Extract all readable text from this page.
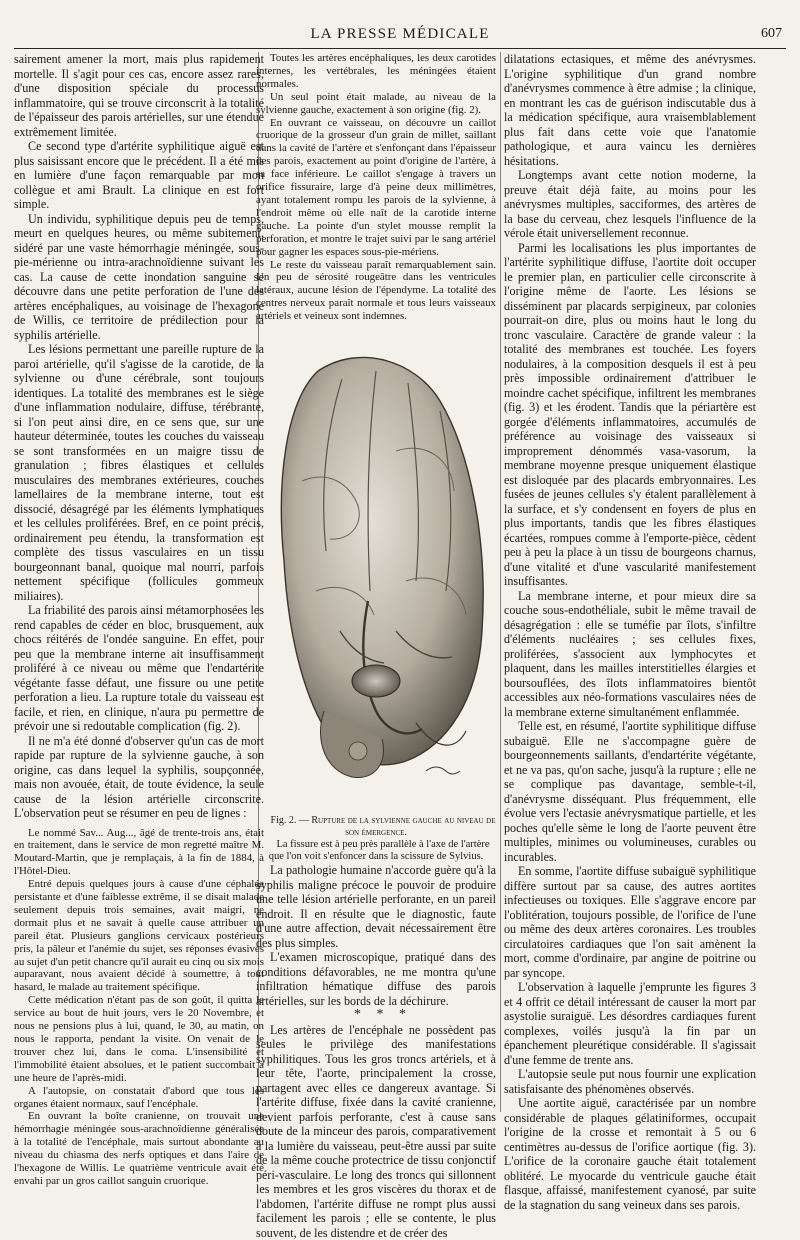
LA PRESSE MÉDICALE	607

sairement amener la mort, mais plus rapidement mortelle. Il s'agit pour ces cas, encore assez rares, d'une disposition spéciale du processus inflammatoire, qui se trouve circonscrit à la totalité de l'épaisseur des parois artérielles, sur une étendue extrêmement limitée.

Ce second type d'artérite syphilitique aiguë est plus saisissant encore que le précédent. Il a été mis en lumière d'une façon remarquable par mon collègue et ami Brault. La clinique en est fort simple.

Un individu, syphilitique depuis peu de temps, meurt en quelques heures, ou même subitement, sidéré par une vaste hémorrhagie méningée, sous-pie-mérienne ou intra-arachnoïdienne suivant les cas. La cause de cette inondation sanguine se découvre dans une petite perforation de l'une des artères encéphaliques, au voisinage de l'hexagone de Willis, ce territoire de prédilection pour la syphilis artérielle.

Les lésions permettant une pareille rupture de la paroi artérielle, qu'il s'agisse de la carotide, de la sylvienne ou d'une cérébrale, sont toujours identiques. La totalité des membranes est le siège d'une inflammation nodulaire, diffuse, térébrante, si l'on peut ainsi dire, en ce sens que, sur une hauteur déterminée, toutes les couches du vaisseau se sont transformées en un maigre tissu de granulation ; fibres élastiques et cellules musculaires des membranes extérieures, couches lamellaires de la membrane interne, tout est dissocié, désagrégé par les éléments lymphatiques et les cellules proliférées. Bref, en ce point précis, ordinairement peu étendu, la transformation est complète des tissus vasculaires en un tissu bourgeonnant banal, quoique mal nourri, parfois nettement spécifique (follicules gommeux miliaires).

La friabilité des parois ainsi métamorphosées les rend capables de céder en bloc, brusquement, aux chocs réitérés de l'ondée sanguine. En effet, pour peu que la membrane interne ait insuffisamment proliféré à ce niveau ou même que l'endartérite végétante fasse défaut, une fissure ou une petite perforation a lieu. La rupture totale du vaisseau est facile, et rien, en clinique, n'aura pu permettre de prévoir une si redoutable complication (fig. 2).

Il ne m'a été donné d'observer qu'un cas de mort rapide par rupture de la sylvienne gauche, à son origine, cas dans lequel la syphilis, soupçonnée, mais non avouée, était, de toute évidence, la seule cause de la lésion artérielle circonscrite. L'observation peut se résumer en peu de lignes :

Le nommé Sav... Aug..., âgé de trente-trois ans, était en traitement, dans le service de mon regretté maître M. Moutard-Martin, que je remplaçais, à la fin de 1884, à l'Hôtel-Dieu.

Entré depuis quelques jours à cause d'une céphalée persistante et d'une faiblesse extrême, il se disait malade seulement depuis trois semaines, avait maigri, ne dormait plus et ne savait à quelle cause attribuer un pareil état. Plusieurs ganglions cervicaux postérieurs pris, la pâleur et l'anémie du sujet, ses réponses évasives au sujet d'un petit chancre qu'il aurait eu cinq ou six mois auparavant, nous avaient décidé à soumettre, à tout hasard, le malade au traitement spécifique.

Cette médication n'étant pas de son goût, il quitta le service au bout de huit jours, vers le 20 Novembre, et nous ne pensions plus à lui, quand, le 30, au matin, on nous le rapporta, pendant la visite. On venait de le trouver chez lui, dans le coma. L'insensibilité et l'immobilité étaient absolues, et le patient succombait à une heure de l'après-midi.

A l'autopsie, on constatait d'abord que tous les organes étaient normaux, sauf l'encéphale.

En ouvrant la boîte cranienne, on trouvait une hémorrhagie méningée sous-arachnoïdienne généralisée à la totalité de l'encéphale, mais surtout abondante au niveau du chiasma des nerfs optiques et dans l'aire de l'hexagone de Willis. Le quatrième ventricule avait été envahi par un gros caillot sanguin cruorique.

Toutes les artères encéphaliques, les deux carotides internes, les vertébrales, les méningées étaient normales.

Un seul point était malade, au niveau de la sylvienne gauche, exactement à son origine (fig. 2).

En ouvrant ce vaisseau, on découvre un caillot cruorique de la grosseur d'un grain de millet, saillant dans la cavité de l'artère et s'enfonçant dans l'épaisseur des parois, exactement au point d'origine de l'artère, à sa face inférieure. Le caillot s'engage à travers un orifice fissuraire, large d'à peine deux millimètres, ayant totalement rompu les parois de la sylvienne, à l'endroit même où elle naît de la carotide interne gauche. La pointe d'un stylet mousse remplit la perforation, et montre le trajet suivi par le sang artériel pour gagner les espaces sous-pie-mériens.

Le reste du vaisseau paraît remarquablement sain. Un peu de sérosité rougeâtre dans les ventricules latéraux, aucune lésion de l'épendyme. La totalité des centres nerveux paraît normale et tous leurs vaisseaux artériels et veineux sont indemnes.

Fig. 2. — Rupture de la sylvienne gauche au niveau de son émergence.

La fissure est à peu près parallèle à l'axe de l'artère que l'on voit s'enfoncer dans la scissure de Sylvius.

La pathologie humaine n'accorde guère qu'à la syphilis maligne précoce le pouvoir de produire une telle lésion artérielle perforante, en un pareil endroit. Il en résulte que le diagnostic, faute d'une autre affection, devait nécessairement être des plus simples.

L'examen microscopique, pratiqué dans des conditions défavorables, ne me montra qu'une infiltration hématique diffuse des parois artérielles, sur les bords de la déchirure.

* * *

Les artères de l'encéphale ne possèdent pas seules le privilège des manifestations syphilitiques. Tous les gros troncs artériels, et à leur tête, l'aorte, principalement la crosse, partagent avec elles ce dangereux avantage. Si l'artérite diffuse, fixée dans la cavité cranienne, devient parfois perforante, c'est à cause sans doute de la minceur des parois, comparativement à la lumière du vaisseau, peut-être aussi par suite de la même couche protectrice de tissu conjonctif péri-vasculaire. Le long des troncs qui sillonnent les membres et les gros viscères du thorax et de l'abdomen, l'artérite diffuse ne rompt plus aussi facilement les parois ; elle se contente, le plus souvent, de les distendre et de créer des

dilatations ectasiques, et même des anévrysmes. L'origine syphilitique d'un grand nombre d'anévrysmes commence à être admise ; la clinique, en montrant les cas de guérison indiscutable dus à la médication spécifique, aura vraisemblablement plus fait dans cette voie que l'anatomie pathologique, et aura vaincu les dernières hésitations.

Longtemps avant cette notion moderne, la preuve était déjà faite, au moins pour les anévrysmes multiples, sacciformes, des artères de la base du cerveau, chez lesquels l'influence de la vérole était universellement reconnue.

Parmi les localisations les plus importantes de l'artérite syphilitique diffuse, l'aortite doit occuper le premier plan, en particulier celle circonscrite à l'origine même de l'aorte. Les lésions se disséminent par placards serpigineux, par colonies pourrait-on dire, plus ou moins haut le long du tronc vasculaire. Caractère de grande valeur : la totalité des membranes est touchée. Les foyers nodulaires, à la composition desquels il est à peu près impossible ordinairement d'attribuer le moindre cachet spécifique, infiltrent les membranes (fig. 3) et les érodent. Tandis que la périartère est gorgée d'éléments inflammatoires, accumulés de préférence au voisinage des vaisseaux si improprement dénommés vasa-vasorum, la membrane moyenne presque uniquement élastique est disloquée par des placards embryonnaires. Les fusées de jeunes cellules s'y étalent parallèlement à la surface, et s'y condensent en foyers de plus en plus importants, tandis que les fibres élastiques écartées, rompues comme à l'emporte-pièce, cèdent peu à peu la place à un tissu de bourgeons charnus, d'une vitalité et d'une vascularité manifestement insuffisantes.

La membrane interne, et pour mieux dire sa couche sous-endothéliale, subit le même travail de désagrégation : elle se tuméfie par îlots, s'infiltre d'éléments nucléaires ; ses cellules fixes, proliférées, s'associent aux lymphocytes et plaquent, dans les mailles interstitielles élargies et boursouflées, des îlots inflammatoires bientôt accessibles aux néo-formations vasculaires nées de la membrane externe simultanément enflammée.

Telle est, en résumé, l'aortite syphilitique diffuse subaiguë. Elle ne s'accompagne guère de bourgeonnements saillants, d'endartérite végétante, et ne va pas, qu'on sache, jusqu'à la rupture ; elle ne se complique pas davantage, semble-t-il, d'anévrysme disséquant. Plus fréquemment, elle évolue vers l'ectasie anévrysmatique partielle, et les poches qu'elle sème le long de l'aorte peuvent être multiples, minimes ou volumineuses, curables ou incurables.

En somme, l'aortite diffuse subaiguë syphilitique diffère surtout par sa cause, des autres aortites infectieuses ou toxiques. Elle s'aggrave encore par l'oblitération, toujours possible, de l'orifice de l'une ou même des deux artères coronaires. Les troubles circulatoires cardiaques que l'on sait amènent la mort, comme d'ordinaire, par angine de poitrine ou par syncope.

L'observation à laquelle j'emprunte les figures 3 et 4 offrit ce détail intéressant de causer la mort par asystolie suraiguë. Les désordres cardiaques furent complexes, voilés jusqu'à la fin par un épanchement pleurétique considérable. Il s'agissait d'une femme de trente ans.

L'autopsie seule put nous fournir une explication satisfaisante des phénomènes observés.

Une aortite aiguë, caractérisée par un nombre considérable de plaques gélatiniformes, occupait l'origine de la crosse et remontait à 5 ou 6 centimètres au-dessus de l'orifice aortique (fig. 3). L'orifice de la coronaire gauche était totalement oblitéré. Le myocarde du ventricule gauche était flasque, affaissé, manifestement cyanosé, par suite de la stagnation du sang veineux dans ses parois.
